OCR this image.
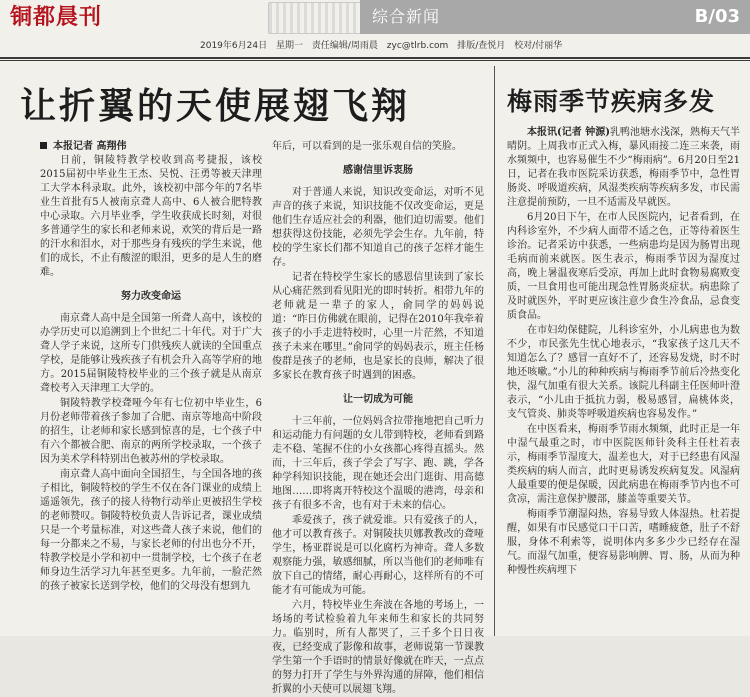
铜都晨刊	综合新闻	B/03
2019年6月24日 星期一 责任编辑/周雨晨 zyc@tlrb.com 排版/查悦月 校对/付丽华
让折翼的天使展翅飞翔	梅雨季节疾病多发

本报记者 高翔伟

日前，铜陵特教学校收到高考捷报，该校2015届初中毕业生王杰、吴悦、汪勇等被天津理工大学本科录取。此外，该校初中部今年的7名毕业生首批有5人被南京聋人高中、6人被合肥特教中心录取。六月毕业季，学生收获成长时刻，对很多普通学生的家长和老师来说，欢笑的背后是一路的汗水和泪水，对于那些身有残疾的学生来说，他们的成长，不止有酸涩的眼泪，更多的是人生的磨难。

努力改变命运

南京聋人高中是全国第一所聋人高中，该校的办学历史可以追溯到上个世纪二十年代。对于广大聋人学子来说，这所专门供残疾人就读的全国重点学校，是能够让残疾孩子有机会升入高等学府的地方。2015届铜陵特校毕业的三个孩子就是从南京聋校考入天津理工大学的。

铜陵特教学校聋哑今年有七位初中毕业生，6月份老师带着孩子参加了合肥、南京等地高中阶段的招生，让老师和家长感到惊喜的是，七个孩子中有六个都被合肥、南京的两所学校录取，一个孩子因为美术学科特别出色被苏州的学校录取。

南京聋人高中面向全国招生，与全国各地的孩子相比，铜陵特校的学生不仅在各门课业的成绩上遥遥领先，孩子的接人待物行动举止更被招生学校的老师赞叹。铜陵特校负责人告诉记者，课业成绩只是一个考量标准，对这些聋人孩子来说，他们的每一分都来之不易，与家长老师的付出也分不开，特教学校是小学和初中一贯制学校，七个孩子在老师身边生活学习九年甚至更多。九年前，一脸茫然的孩子被家长送到学校，他们的父母没有想到九

年后，可以看到的是一张乐观自信的笑脸。

感谢信里诉衷肠

对于普通人来说，知识改变命运，对听不见声音的孩子来说，知识技能不仅改变命运，更是他们生存适应社会的利器，他们迫切需要。他们想获得这份技能，必须先学会生存。九年前，特校的学生家长们都不知道自己的孩子怎样才能生存。

记者在特校学生家长的感恩信里读到了家长从心痛茫然到看见阳光的即时转折。相带九年的老师就是一辈子的家人，俞同学的妈妈说道：“昨日仿佛就在眼前，记得在2010年我牵着孩子的小手走进特校时，心里一片茫然，不知道孩子未来在哪里。”俞同学的妈妈表示，班主任杨俊群是孩子的老师，也是家长的良师，解决了很多家长在教育孩子时遇到的困惑。

让一切成为可能

十三年前，一位妈妈含拉带拖地把自己听力和运动能力有问题的女儿带到特校，老师看到路走不稳、笔握不住的小女孩都心疼得直摇头。然而，十三年后，孩子学会了写字、跑、跳，学各种学科知识技能，现在她还会出门逛街、用高德地图……即将离开特校这个温暖的港湾，母亲和孩子有很多不舍，也有对于未来的信心。

乖爱孩子，孩子就爱谁。只有爱孩子的人，他才可以教育孩子。对铜陵扶贝娜教教改的聋哑学生，杨亚群说是可以化腐朽为神奇。聋人多数观察能力强，敏感细腻，所以当他们的老师唯有放下自己的情绪，耐心再耐心，这样所有的不可能才有可能成为可能。

六月，特校毕业生奔波在各地的考场上，一场场的考试检验着九年来师生和家长的共同努力。临别时，所有人都哭了，三千多个日日夜夜，已经变成了影像和故事，老师说第一节课教学生第一个手语时的情景好像就在昨天，一点点的努力打开了学生与外界沟通的屏障，他们相信折翼的小天使可以展翅飞翔。

本报讯(记者 钟源)乳鸭池塘水浅深，熟梅天气半晴阴。上周我市正式入梅，暴风雨接二连三来袭，雨水频频中，也容易催生不少“梅雨病”。6月20日至21日，记者在我市医院采访获悉，梅雨季节中，急性胃肠炎、呼吸道疾病，风湿类疾病等疾病多发，市民需注意提前预防，一旦不适需及早就医。

6月20日下午，在市人民医院内，记者看到，在内科诊室外，不少病人面带不适之色，正等待着医生诊治。记者采访中获悉，一些病患均是因为肠胃出现毛病而前来就医。医生表示，梅雨季节因为湿度过高，晚上暑温夜寒后受凉，再加上此时食物易腐败变质，一旦食用也可能出现急性胃肠炎症状。病患除了及时就医外，平时更应该注意少食生冷食品，忌食变质食品。

在市妇幼保健院，儿科诊室外，小儿病患也为数不少，市民张先生忧心地表示，“我家孩子这几天不知道怎么了？感冒一直好不了，还容易发烧，时不时地还咳嗽。”小儿的种种疾病与梅雨季节前后冷热变化快，湿气加重有很大关系。该院儿科副主任医师叶澄表示，“小儿由于抵抗力弱，极易感冒，扁桃体炎，支气管炎、肺炎等呼吸道疾病也容易发作。”

在中医看来，梅雨季节雨水频频，此时正是一年中湿气最重之时，市中医院医师针灸科主任杜若表示，梅雨季节湿度大，温差也大，对于已经患有风湿类疾病的病人而言，此时更易诱发疾病复发。风湿病人最重要的便是保暖，因此病患在梅雨季节内也不可贪凉，需注意保护腰部，膝盖等重要关节。

梅雨季节潮湿闷热，容易导致人体湿热。杜若提醒，如果有市民感觉口干口苦，嗜睡疲惫，肚子不舒服，身体不利索等，说明体内多多少少已经存在湿气。而湿气加重，便容易影响脾、胃、肠，从而为种种慢性疾病埋下
